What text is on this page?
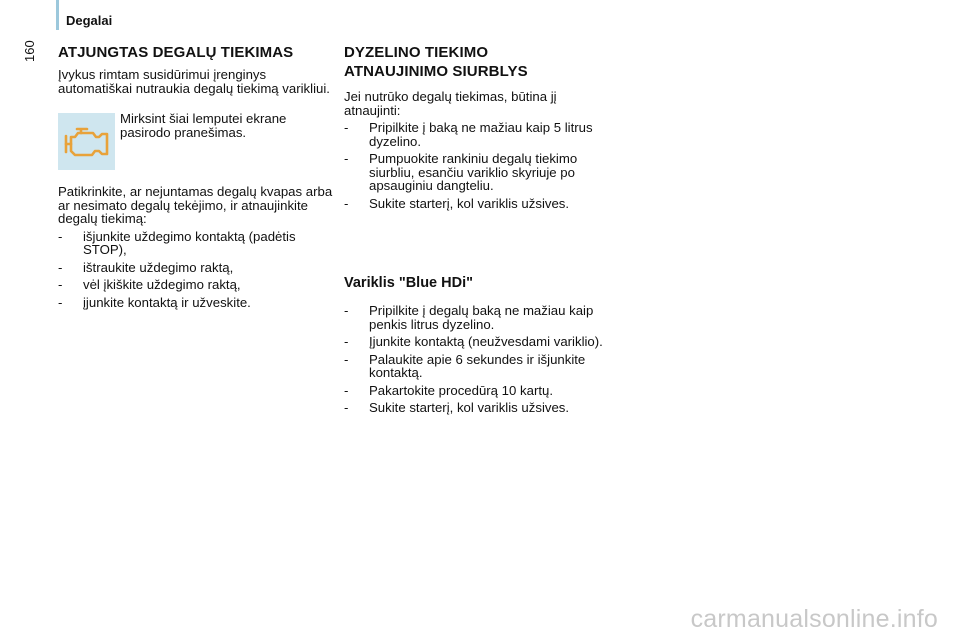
Degalai
160 ATJUNGTAS DEGALŲ TIEKIMAS

Įvykus rimtam susidūrimui įrenginys automatiškai nutraukia degalų tiekimą varikliui.

Mirksint šiai lemputei ekrane pasirodo pranešimas.

Patikrinkite, ar nejuntamas degalų kvapas arba ar nesimato degalų tekėjimo, ir atnaujinkite degalų tiekimą:

- išjunkite uždegimo kontaktą (padėtis STOP),
- ištraukite uždegimo raktą,
- vėl įkiškite uždegimo raktą,
- įjunkite kontaktą ir užveskite.
DYZELINO TIEKIMO ATNAUJINIMO SIURBLYS

Jei nutrūko degalų tiekimas, būtina jį atnaujinti:

- Pripilkite į baką ne mažiau kaip 5 litrus dyzelino.
- Pumpuokite rankiniu degalų tiekimo siurbliu, esančiu variklio skyriuje po apsauginiu dangteliu.
- Sukite starterį, kol variklis užsives.
Variklis "Blue HDi"
- Pripilkite į degalų baką ne mažiau kaip penkis litrus dyzelino.
- Įjunkite kontaktą (neužvesdami variklio).
- Palaukite apie 6 sekundes ir išjunkite kontaktą.
- Pakartokite procedūrą 10 kartų.
- Sukite starterį, kol variklis užsives.
carmanualsonline.info
